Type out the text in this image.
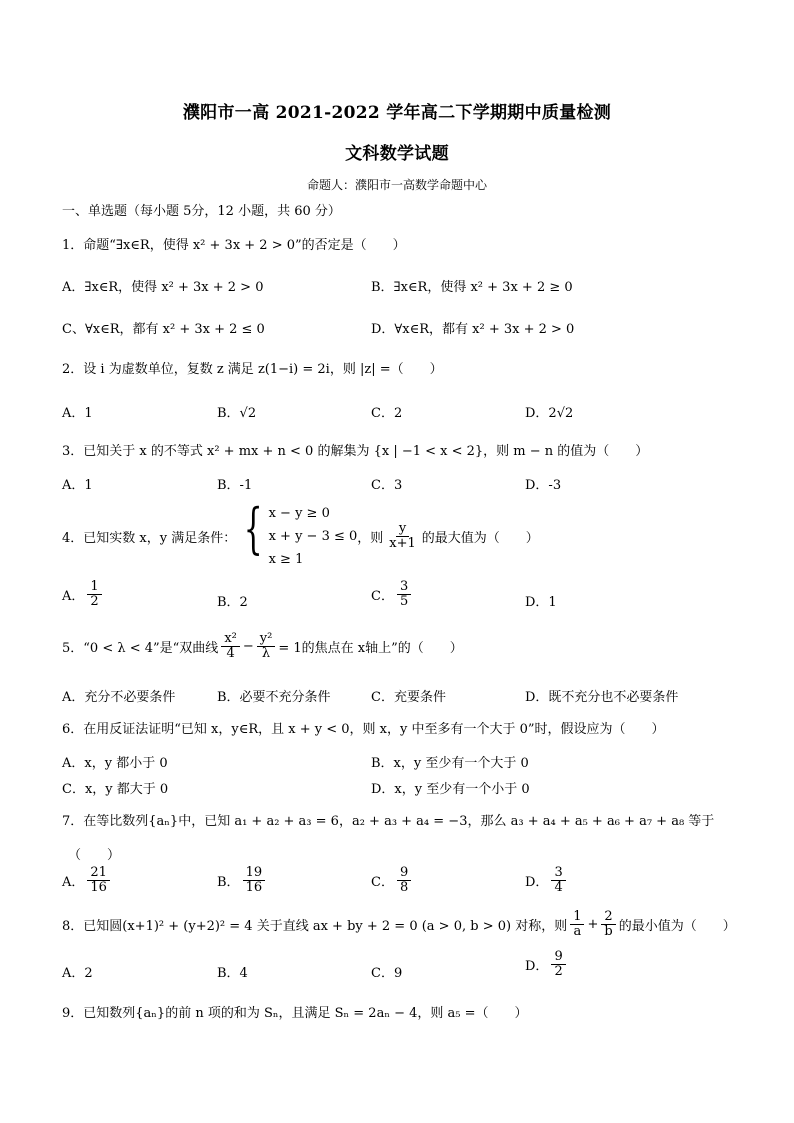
濮阳市一高 2021-2022 学年高二下学期期中质量检测
文科数学试题
命题人：濮阳市一高数学命题中心
一、单选题（每小题 5分，12 小题，共 60 分）
1．命题“∃x∈R，使得 x² + 3x + 2 > 0”的否定是（　　）
A．∃x∈R，使得 x² + 3x + 2 > 0	B．∃x∈R，使得 x² + 3x + 2 ≥ 0
C、∀x∈R，都有 x² + 3x + 2 ≤ 0	D．∀x∈R，都有 x² + 3x + 2 > 0
2．设 i 为虚数单位，复数 z 满足 z(1−i) = 2i，则 |z| =（　　）
A．1	B．√2	C．2	D．2√2
3．已知关于 x 的不等式 x² + mx + n < 0 的解集为 {x | −1 < x < 2}，则 m − n 的值为（　　）
A．1	B．-1	C．3	D．-3
4．已知实数 x，y 满足条件： { x − y ≥ 0
x + y − 3 ≤ 0
x ≥ 1
，则 $\frac{y}{x+1}$ 的最大值为（　　）
A． $\frac{1}{2}$	B．2	C． $\frac{3}{5}$	D．1
5．“0 < λ < 4”是“双曲线 $\frac{\text{x²}}{4} - \frac{\text{y²}}{\lambda} = 1$的焦点在 x轴上”的（　　）
A．充分不必要条件	B．必要不充分条件	C．充要条件	D．既不充分也不必要条件
6．在用反证法证明“已知 x，y∈R，且 x + y < 0，则 x，y 中至多有一个大于 0”时，假设应为（　　）
A．x，y 都小于 0	B．x，y 至少有一个大于 0
C．x，y 都大于 0	D．x，y 至少有一个小于 0
7．在等比数列{aₙ}中，已知 a₁ + a₂ + a₃ = 6，a₂ + a₃ + a₄ = −3，那么 a₃ + a₄ + a₅ + a₆ + a₇ + a₈ 等于
（　　）
A． $\frac{21}{16}$	B． $\frac{19}{16}$	C． $\frac{9}{8}$	D． $\frac{3}{4}$
8．已知圆(x+1)² + (y+2)² = 4 关于直线 ax + by + 2 = 0 (a > 0, b > 0) 对称，则 $\frac{1}{a} + \frac{2}{b}$ 的最小值为（　　）
A．2	B．4	C．9	D． $\frac{9}{2}$
9．已知数列{aₙ}的前 n 项的和为 Sₙ，且满足 Sₙ = 2aₙ − 4，则 a₅ =（　　）
